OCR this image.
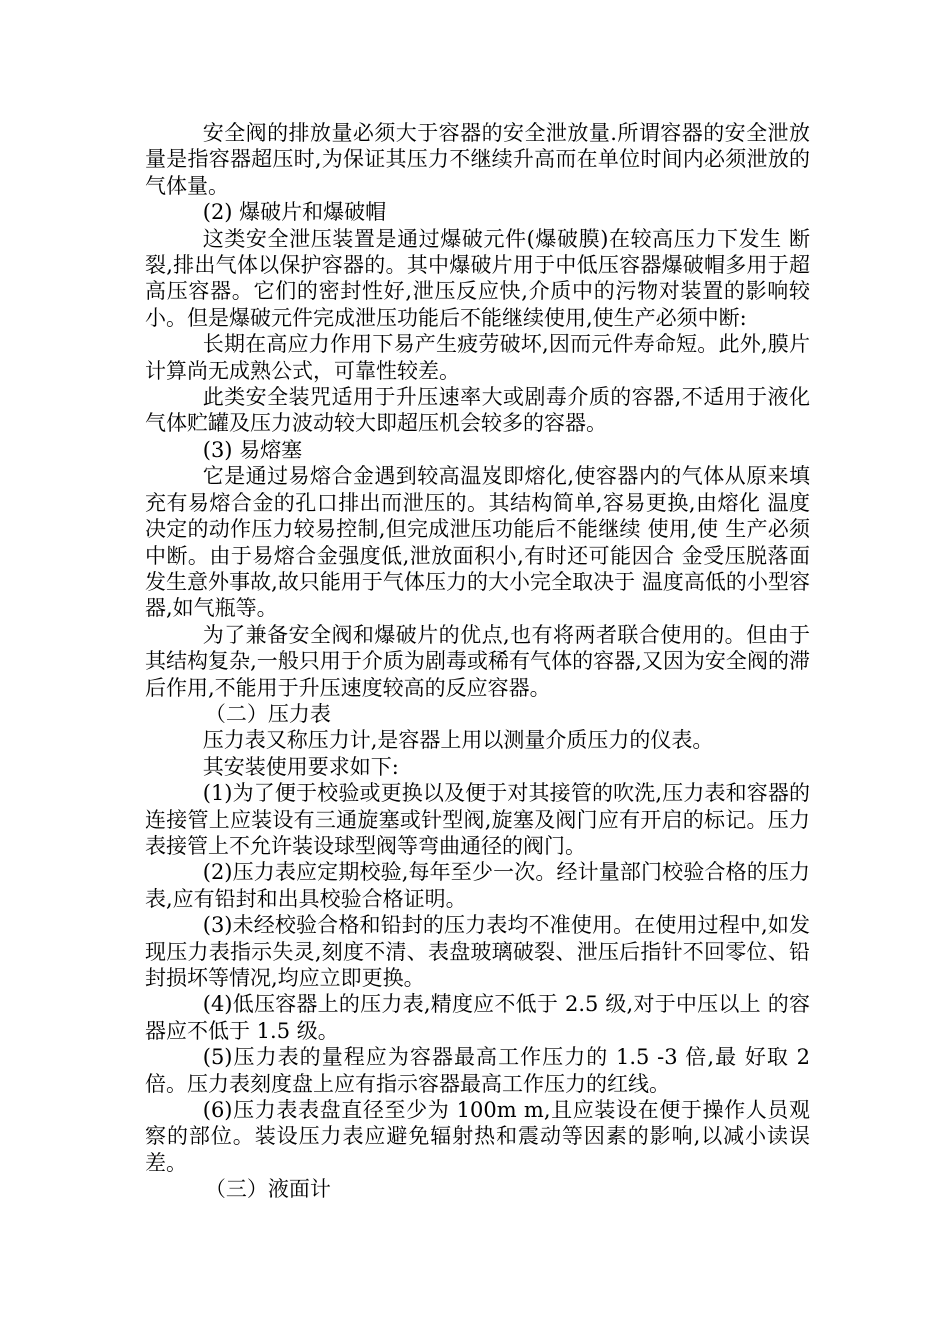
安全阀的排放量必须大于容器的安全泄放量.所谓容器的安全泄放量是指容器超压时,为保证其压力不继续升高而在单位时间内必须泄放的气体量。

(2) 爆破片和爆破帽

这类安全泄压装置是通过爆破元件(爆破膜)在较高压力下发生 断裂,排出气体以保护容器的。其中爆破片用于中低压容器爆破帽多用于超高压容器。它们的密封性好,泄压反应快,介质中的污物对装置的影响较小。但是爆破元件完成泄压功能后不能继续使用,使生产必须中断:

长期在高应力作用下易产生疲劳破坏,因而元件寿命短。此外,膜片计算尚无成熟公式，可靠性较差。

此类安全装咒适用于升压速率大或剧毒介质的容器,不适用于液化气体贮罐及压力波动较大即超压机会较多的容器。

(3) 易熔塞

它是通过易熔合金遇到较高温岌即熔化,使容器内的气体从原来填充有易熔合金的孔口排出而泄压的。其结构简单,容易更换,由熔化 温度决定的动作压力较易控制,但完成泄压功能后不能继续 使用,使 生产必须中断。由于易熔合金强度低,泄放面积小,有时还可能因合 金受压脱落面发生意外事故,故只能用于气体压力的大小完全取决于 温度高低的小型容器,如气瓶等。

为了兼备安全阀和爆破片的优点,也有将两者联合使用的。但由于其结构复杂,一般只用于介质为剧毒或稀有气体的容器,又因为安全阀的滞后作用,不能用于升压速度较高的反应容器。

（二）压力表

压力表又称压力计,是容器上用以测量介质压力的仪表。

其安装使用要求如下:

(1)为了便于校验或更换以及便于对其接管的吹洗,压力表和容器的连接管上应装设有三通旋塞或针型阀,旋塞及阀门应有开启的标记。压力表接管上不允许装设球型阀等弯曲通径的阀门。

(2)压力表应定期校验,每年至少一次。经计量部门校验合格的压力表,应有铅封和出具校验合格证明。

(3)未经校验合格和铅封的压力表均不准使用。在使用过程中,如发现压力表指示失灵,刻度不清、表盘玻璃破裂、泄压后指针不回零位、铅封损坏等情况,均应立即更换。

(4)低压容器上的压力表,精度应不低于 2.5 级,对于中压以上 的容器应不低于 1.5 级。

(5)压力表的量程应为容器最高工作压力的 1.5 -3 倍,最 好取 2 倍。压力表刻度盘上应有指示容器最高工作压力的红线。

(6)压力表表盘直径至少为 100m m,且应装设在便于操作人员观 察的部位。装设压力表应避免辐射热和震动等因素的影响,以减小读误差。

（三）液面计
